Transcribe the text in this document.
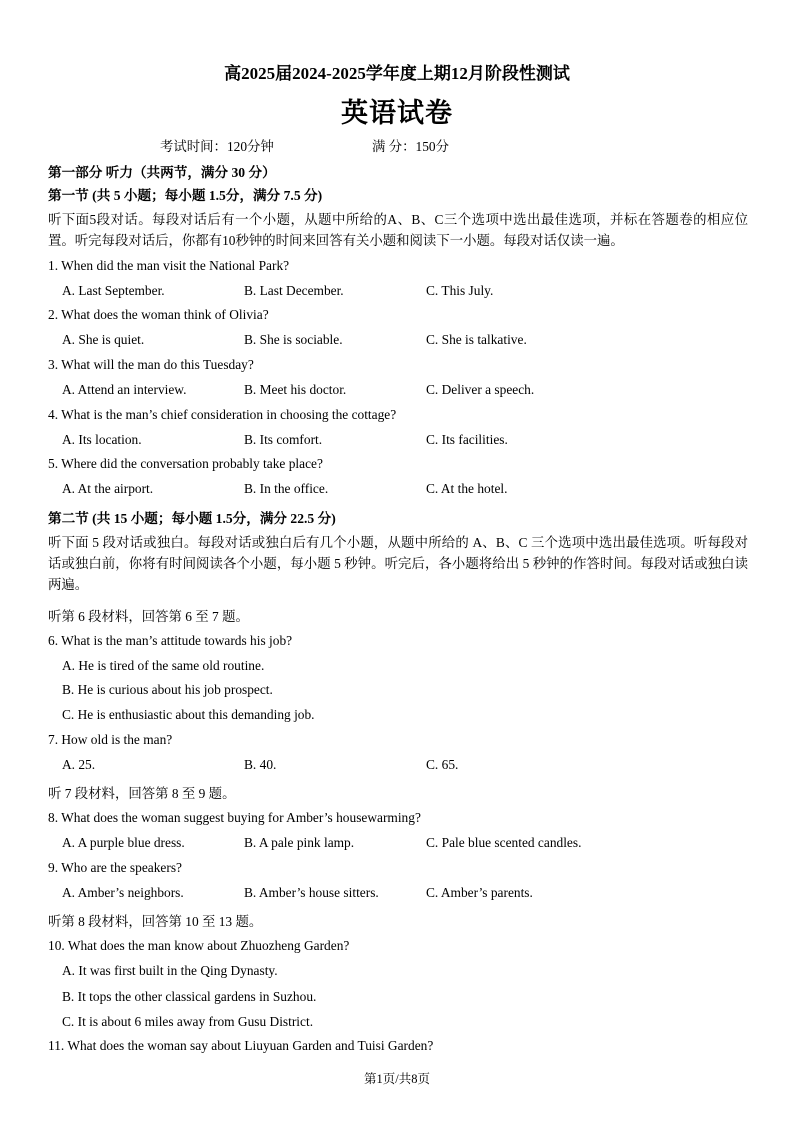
高2025届2024-2025学年度上期12月阶段性测试
英语试卷
考试时间：120分钟	满 分：150分
第一部分 听力（共两节，满分 30 分）
第一节 (共 5 小题；每小题 1.5分，满分 7.5 分)
听下面5段对话。每段对话后有一个小题，从题中所给的A、B、C三个选项中选出最佳选项，并标在答题卷的相应位置。听完每段对话后，你都有10秒钟的时间来回答有关小题和阅读下一小题。每段对话仅读一遍。
1. When did the man visit the National Park?
A. Last September.	B. Last December.	C. This July.
2. What does the woman think of Olivia?
A. She is quiet.	B. She is sociable.	C. She is talkative.
3. What will the man do this Tuesday?
A. Attend an interview.	B. Meet his doctor.	C. Deliver a speech.
4. What is the man’s chief consideration in choosing the cottage?
A. Its location.	B. Its comfort.	C. Its facilities.
5. Where did the conversation probably take place?
A. At the airport.	B. In the office.	C. At the hotel.
第二节 (共 15 小题；每小题 1.5分，满分 22.5 分)
听下面 5 段对话或独白。每段对话或独白后有几个小题，从题中所给的 A、B、C 三个选项中选出最佳选项。听每段对话或独白前，你将有时间阅读各个小题，每小题 5 秒钟。听完后，各小题将给出 5 秒钟的作答时间。每段对话或独白读两遍。
听第 6 段材料，回答第 6 至 7 题。
6. What is the man’s attitude towards his job?
A. He is tired of the same old routine.
B. He is curious about his job prospect.
C. He is enthusiastic about this demanding job.
7. How old is the man?
A. 25.	B. 40.	C. 65.
听 7 段材料，回答第 8 至 9 题。
8. What does the woman suggest buying for Amber’s housewarming?
A. A purple blue dress.	B. A pale pink lamp.	C. Pale blue scented candles.
9. Who are the speakers?
A. Amber’s neighbors.	B. Amber’s house sitters.	C. Amber’s parents.
听第 8 段材料，回答第 10 至 13 题。
10. What does the man know about Zhuozheng Garden?
A. It was first built in the Qing Dynasty.
B. It tops the other classical gardens in Suzhou.
C. It is about 6 miles away from Gusu District.
11. What does the woman say about Liuyuan Garden and Tuisi Garden?
第1页/共8页
